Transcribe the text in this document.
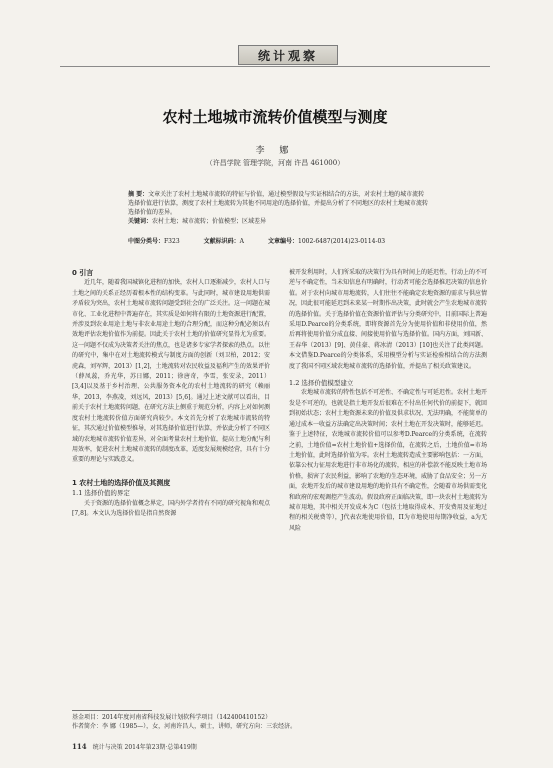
统计观察
农村土地城市流转价值模型与测度
李 娜
（许昌学院 管理学院，河南 许昌 461000）
摘 要：文章关注了农村土地城市流转的特征与价值，通过模型假设与实证相结合的方法，对农村土地的城市流转选择价值进行估算，测度了农村土地流转为其他不同用途的选择价值，并提出分析了不同地区的农村土地城市流转选择价值的差异。
关键词：农村土地；城市流转；价值模型；区域差异
中图分类号：F323	文献标识码：A	文章编号：1002-6487(2014)23-0114-03

0 引言

近几年，随着我国城镇化进程的加快，农村人口逐渐减少，农村人口与土地之间的关系正经历着根本性的结构变革。与此同时，城市建设用地供需矛盾较为突出，农村土地城市流转问题受到社会的广泛关注。这一问题在城市化、工业化进程中普遍存在，其实质是如何将有限的土地资源进行配置，并涉及到农业用途土地与非农业用途土地的合理分配，而这种分配必须以有效地评估农地价值作为前提。因此关于农村土地的价值研究显得尤为重要。这一问题不仅成为决策者关注的焦点，也是诸多专家学者探索的热点。以往的研究中，集中在对土地流转模式与制度方面的创新（刘卫柏，2012；安虎森，刘军辉，2013）[1,2]，土地流转对农民收益及福利产生的效果评价（薛凤蕊，乔光华，苏日娜，2011；徐唐奇，李雪，张安录，2011）[3,4]以及基于乡村治理、公共服务资本化的农村土地流转的研究（赖丽华，2013，李燕凌，刘远风，2013）[5,6]。通过上述文献可以看出，目前关于农村土地流转问题，在研究方法上侧重于规范分析，内容上对如何测度农村土地流转价值方面研究尚较少。本文首先分析了农地城市流转的特征，其次通过价值模型推导，对其选择价值进行估算，并依此分析了不同区域的农地城市流转价值差异，对全面考量农村土地价值，提高土地分配与利用效率，促进农村土地城市流转的制度改革，适度发展规模经营，具有十分重要的理论与实践意义。

1 农村土地的选择价值及其测度

1.1 选择价值的界定

关于资源的选择价值概念界定，国内外学者持有不同的研究视角和观点[7,8]。本文认为选择价值是指自然资源

被开发利用时，人们所采取的决策行为具有时间上的延迟性，行动上的不可逆与不确定性，当未知信息有明确时，行动者可能会选择推迟决策的信息价值。对于农村向城市用地流转，人们往往不能确定农地资源的需求与供应情况，因此很可能延迟到未来某一时期作出决策，此时就会产生农地城市流转的选择价值。关于选择价值在资源价值评估与分类研究中，目前国际上普遍采用D.Pearce的分类系统，即将资源首先分为使用价值和非使用价值，然后再将使用价值分成直接、间接使用价值与选择价值。国内方面，刘国新、王春华（2013）[9]、黄佳豪、蒋冰清（2013）[10]也关注了此类问题。本文借鉴D.Pearce的分类体系，采用模型分析与实证检验相结合的方法测度了我国不同区域农地城市流转的选择价值，并提出了相关政策建议。

1.2 选择价值模型建立

农地城市流转的特性包括不可逆性、不确定性与可延迟性。农村土地开发是不可逆的，也就是指土地开发后很难在不付出任何代价的前提下，就回到初始状态；农村土地资源未来的价值及供求状况、无法明确，不能简单的通过成本一收益方法确定出决策时间；农村土地在开发决策时，能够延迟。鉴于上述特征，农地城市流转价值可以参考D.Pearce的分类系统，在流转之前，土地价值=农村土地价值+选择价值，在流转之后，土地价值=市场土地价值，此时选择价值为零。农村土地流转造成主要影响包括：一方面，依靠公权力征用农地进行非市场化的流转，相应的补偿款不能反映土地市场价格，损害了农民利益，影响了农地的生态环境，威胁了食品安全；另一方面，农地开发后的城市建设用地的地价具有不确定性，会随着市场供需变化和政府的宏观调控产生波动。假设政府正面临决策，即一块农村土地流转为城市用地，其中相关开发成本为C（包括土地取得成本、开发费用及征地过程的相关税费等），J代表农地使用价值，Π为市地使用每期净收益，a为无风险

基金项目：2014年度河南省科技发展计划软科学项目（142400410152）
作者简介：李 娜（1985—），女，河南许昌人，硕士，讲师，研究方向：三农经济。
114 统计与决策 2014年第23期·总第419期
